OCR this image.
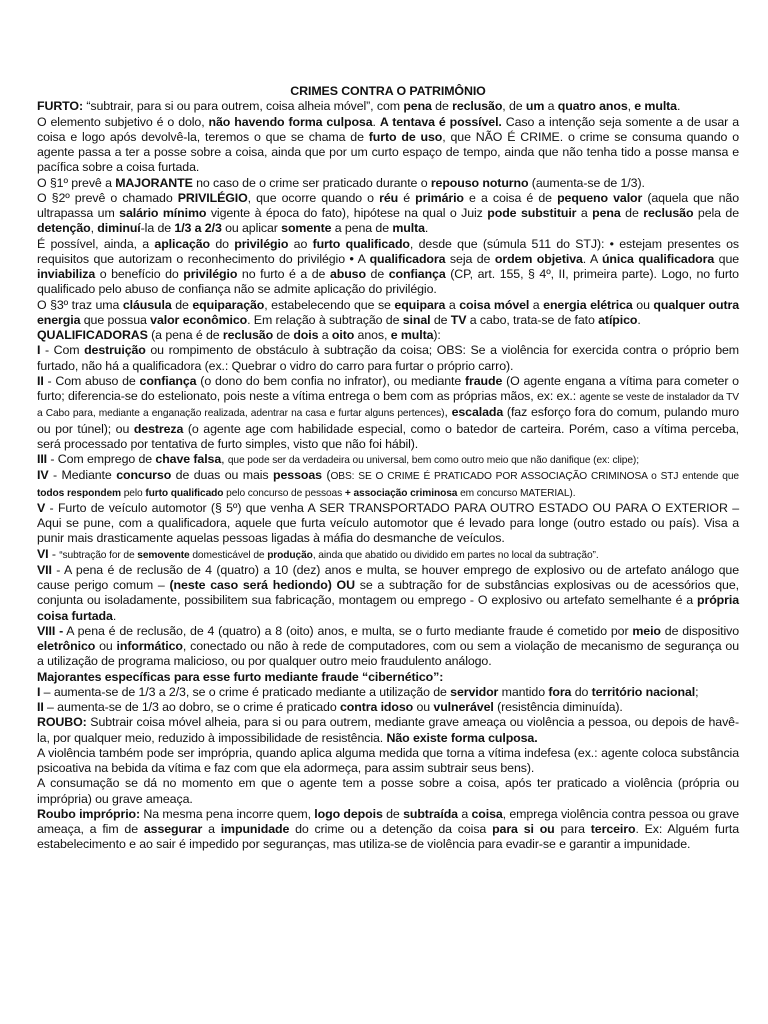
CRIMES CONTRA O PATRIMÔNIO

FURTO: “subtrair, para si ou para outrem, coisa alheia móvel”, com pena de reclusão, de um a quatro anos, e multa.

O elemento subjetivo é o dolo, não havendo forma culposa. A tentava é possível. Caso a intenção seja somente a de usar a coisa e logo após devolvê-la, teremos o que se chama de furto de uso, que NÃO É CRIME. o crime se consuma quando o agente passa a ter a posse sobre a coisa, ainda que por um curto espaço de tempo, ainda que não tenha tido a posse mansa e pacífica sobre a coisa furtada.

O §1º prevê a MAJORANTE no caso de o crime ser praticado durante o repouso noturno (aumenta-se de 1/3).

O §2º prevê o chamado PRIVILÉGIO, que ocorre quando o réu é primário e a coisa é de pequeno valor (aquela que não ultrapassa um salário mínimo vigente à época do fato), hipótese na qual o Juiz pode substituir a pena de reclusão pela de detenção, diminuí-la de 1/3 a 2/3 ou aplicar somente a pena de multa.

É possível, ainda, a aplicação do privilégio ao furto qualificado, desde que (súmula 511 do STJ): • estejam presentes os requisitos que autorizam o reconhecimento do privilégio • A qualificadora seja de ordem objetiva. A única qualificadora que inviabiliza o benefício do privilégio no furto é a de abuso de confiança (CP, art. 155, § 4º, II, primeira parte). Logo, no furto qualificado pelo abuso de confiança não se admite aplicação do privilégio.

O §3º traz uma cláusula de equiparação, estabelecendo que se equipara a coisa móvel a energia elétrica ou qualquer outra energia que possua valor econômico. Em relação à subtração de sinal de TV a cabo, trata-se de fato atípico.

QUALIFICADORAS (a pena é de reclusão de dois a oito anos, e multa):

I - Com destruição ou rompimento de obstáculo à subtração da coisa; OBS: Se a violência for exercida contra o próprio bem furtado, não há a qualificadora (ex.: Quebrar o vidro do carro para furtar o próprio carro).

II - Com abuso de confiança (o dono do bem confia no infrator), ou mediante fraude (O agente engana a vítima para cometer o furto; diferencia-se do estelionato, pois neste a vítima entrega o bem com as próprias mãos, ex: ex.: agente se veste de instalador da TV a Cabo para, mediante a enganação realizada, adentrar na casa e furtar alguns pertences), escalada (faz esforço fora do comum, pulando muro ou por túnel); ou destreza (o agente age com habilidade especial, como o batedor de carteira. Porém, caso a vítima perceba, será processado por tentativa de furto simples, visto que não foi hábil).

III - Com emprego de chave falsa, que pode ser da verdadeira ou universal, bem como outro meio que não danifique (ex: clipe);

IV - Mediante concurso de duas ou mais pessoas (OBS: SE O CRIME É PRATICADO POR ASSOCIAÇÃO CRIMINOSA o STJ entende que todos respondem pelo furto qualificado pelo concurso de pessoas + associação criminosa em concurso MATERIAL).

V - Furto de veículo automotor (§ 5º) que venha A SER TRANSPORTADO PARA OUTRO ESTADO OU PARA O EXTERIOR – Aqui se pune, com a qualificadora, aquele que furta veículo automotor que é levado para longe (outro estado ou país). Visa a punir mais drasticamente aquelas pessoas ligadas à máfia do desmanche de veículos.

VI - “subtração for de semovente domesticável de produção, ainda que abatido ou dividido em partes no local da subtração”.

VII - A pena é de reclusão de 4 (quatro) a 10 (dez) anos e multa, se houver emprego de explosivo ou de artefato análogo que cause perigo comum – (neste caso será hediondo) OU se a subtração for de substâncias explosivas ou de acessórios que, conjunta ou isoladamente, possibilitem sua fabricação, montagem ou emprego - O explosivo ou artefato semelhante é a própria coisa furtada.

VIII - A pena é de reclusão, de 4 (quatro) a 8 (oito) anos, e multa, se o furto mediante fraude é cometido por meio de dispositivo eletrônico ou informático, conectado ou não à rede de computadores, com ou sem a violação de mecanismo de segurança ou a utilização de programa malicioso, ou por qualquer outro meio fraudulento análogo.

Majorantes específicas para esse furto mediante fraude “cibernético”:

I – aumenta-se de 1/3 a 2/3, se o crime é praticado mediante a utilização de servidor mantido fora do território nacional;

II – aumenta-se de 1/3 ao dobro, se o crime é praticado contra idoso ou vulnerável (resistência diminuída).

ROUBO: Subtrair coisa móvel alheia, para si ou para outrem, mediante grave ameaça ou violência a pessoa, ou depois de havê-la, por qualquer meio, reduzido à impossibilidade de resistência. Não existe forma culposa.

A violência também pode ser imprópria, quando aplica alguma medida que torna a vítima indefesa (ex.: agente coloca substância psicoativa na bebida da vítima e faz com que ela adormeça, para assim subtrair seus bens).

A consumação se dá no momento em que o agente tem a posse sobre a coisa, após ter praticado a violência (própria ou imprópria) ou grave ameaça.

Roubo impróprio: Na mesma pena incorre quem, logo depois de subtraída a coisa, emprega violência contra pessoa ou grave ameaça, a fim de assegurar a impunidade do crime ou a detenção da coisa para si ou para terceiro. Ex: Alguém furta estabelecimento e ao sair é impedido por seguranças, mas utiliza-se de violência para evadir-se e garantir a impunidade.
